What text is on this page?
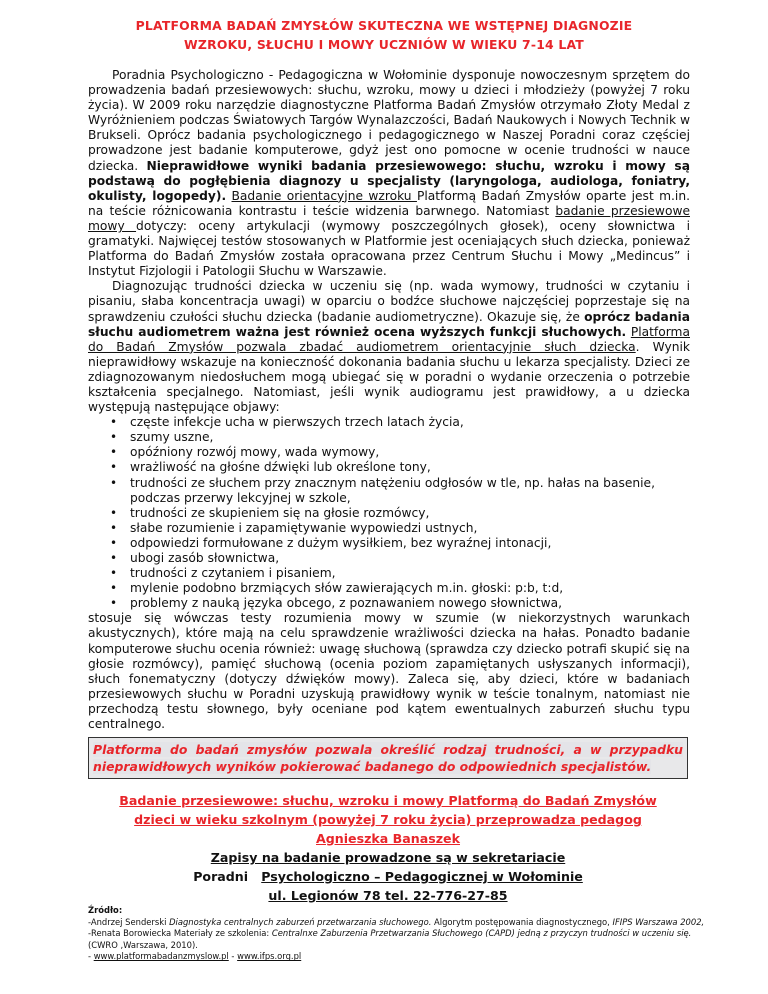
PLATFORMA BADAŃ ZMYSŁÓW SKUTECZNA WE WSTĘPNEJ DIAGNOZIE
WZROKU, SŁUCHU I MOWY UCZNIÓW W WIEKU 7-14 LAT

Poradnia Psychologiczno - Pedagogiczna w Wołominie dysponuje nowoczesnym sprzętem do prowadzenia badań przesiewowych: słuchu, wzroku, mowy u dzieci i młodzieży (powyżej 7 roku życia). W 2009 roku narzędzie diagnostyczne Platforma Badań Zmysłów otrzymało Złoty Medal z Wyróżnieniem podczas Światowych Targów Wynalazczości, Badań Naukowych i Nowych Technik w Brukseli. Oprócz badania psychologicznego i pedagogicznego w Naszej Poradni coraz częściej prowadzone jest badanie komputerowe, gdyż jest ono pomocne w ocenie trudności w nauce dziecka. Nieprawidłowe wyniki badania przesiewowego: słuchu, wzroku i mowy są podstawą do pogłębienia diagnozy u specjalisty (laryngologa, audiologa, foniatry, okulisty, logopedy). Badanie orientacyjne wzroku Platformą Badań Zmysłów oparte jest m.in. na teście różnicowania kontrastu i teście widzenia barwnego. Natomiast badanie przesiewowe mowy dotyczy: oceny artykulacji (wymowy poszczególnych głosek), oceny słownictwa i gramatyki. Najwięcej testów stosowanych w Platformie jest oceniających słuch dziecka, ponieważ Platforma do Badań Zmysłów została opracowana przez Centrum Słuchu i Mowy „Medincus” i Instytut Fizjologii i Patologii Słuchu w Warszawie.

Diagnozując trudności dziecka w uczeniu się (np. wada wymowy, trudności w czytaniu i pisaniu, słaba koncentracja uwagi) w oparciu o bodźce słuchowe najczęściej poprzestaje się na sprawdzeniu czułości słuchu dziecka (badanie audiometryczne). Okazuje się, że oprócz badania słuchu audiometrem ważna jest również ocena wyższych funkcji słuchowych. Platforma do Badań Zmysłów pozwala zbadać audiometrem orientacyjnie słuch dziecka. Wynik nieprawidłowy wskazuje na konieczność dokonania badania słuchu u lekarza specjalisty. Dzieci ze zdiagnozowanym niedosłuchem mogą ubiegać się w poradni o wydanie orzeczenia o potrzebie kształcenia specjalnego. Natomiast, jeśli wynik audiogramu jest prawidłowy, a u dziecka występują następujące objawy:

• częste infekcje ucha w pierwszych trzech latach życia,
• szumy uszne,
• opóźniony rozwój mowy, wada wymowy,
• wrażliwość na głośne dźwięki lub określone tony,
• trudności ze słuchem przy znacznym natężeniu odgłosów w tle, np. hałas na basenie,
podczas przerwy lekcyjnej w szkole,
• trudności ze skupieniem się na głosie rozmówcy,
• słabe rozumienie i zapamiętywanie wypowiedzi ustnych,
• odpowiedzi formułowane z dużym wysiłkiem, bez wyraźnej intonacji,
• ubogi zasób słownictwa,
• trudności z czytaniem i pisaniem,
• mylenie podobno brzmiących słów zawierających m.in. głoski: p:b, t:d,
• problemy z nauką języka obcego, z poznawaniem nowego słownictwa,

stosuje się wówczas testy rozumienia mowy w szumie (w niekorzystnych warunkach akustycznych), które mają na celu sprawdzenie wrażliwości dziecka na hałas. Ponadto badanie komputerowe słuchu ocenia również: uwagę słuchową (sprawdza czy dziecko potrafi skupić się na głosie rozmówcy), pamięć słuchową (ocenia poziom zapamiętanych usłyszanych informacji), słuch fonematyczny (dotyczy dźwięków mowy). Zaleca się, aby dzieci, które w badaniach przesiewowych słuchu w Poradni uzyskują prawidłowy wynik w teście tonalnym, natomiast nie przechodzą testu słownego, były oceniane pod kątem ewentualnych zaburzeń słuchu typu centralnego.

Platforma do badań zmysłów pozwala określić rodzaj trudności, a w przypadku nieprawidłowych wyników pokierować badanego do odpowiednich specjalistów.
Badanie przesiewowe: słuchu, wzroku i mowy Platformą do Badań Zmysłów
dzieci w wieku szkolnym (powyżej 7 roku życia) przeprowadza pedagog
Agnieszka Banaszek
Zapisy na badanie prowadzone są w sekretariacie
Poradni Psychologiczno – Pedagogicznej w Wołominie
ul. Legionów 78 tel. 22-776-27-85
Źródło:
-Andrzej Senderski Diagnostyka centralnych zaburzeń przetwarzania słuchowego. Algorytm postępowania diagnostycznego, IFIPS Warszawa 2002,
-Renata Borowiecka Materiały ze szkolenia: Centralnxe Zaburzenia Przetwarzania Słuchowego (CAPD) jedną z przyczyn trudności w uczeniu się.
(CWRO ,Warszawa, 2010).
- www.platformabadanzmyslow.pl - www.ifps.org.pl
